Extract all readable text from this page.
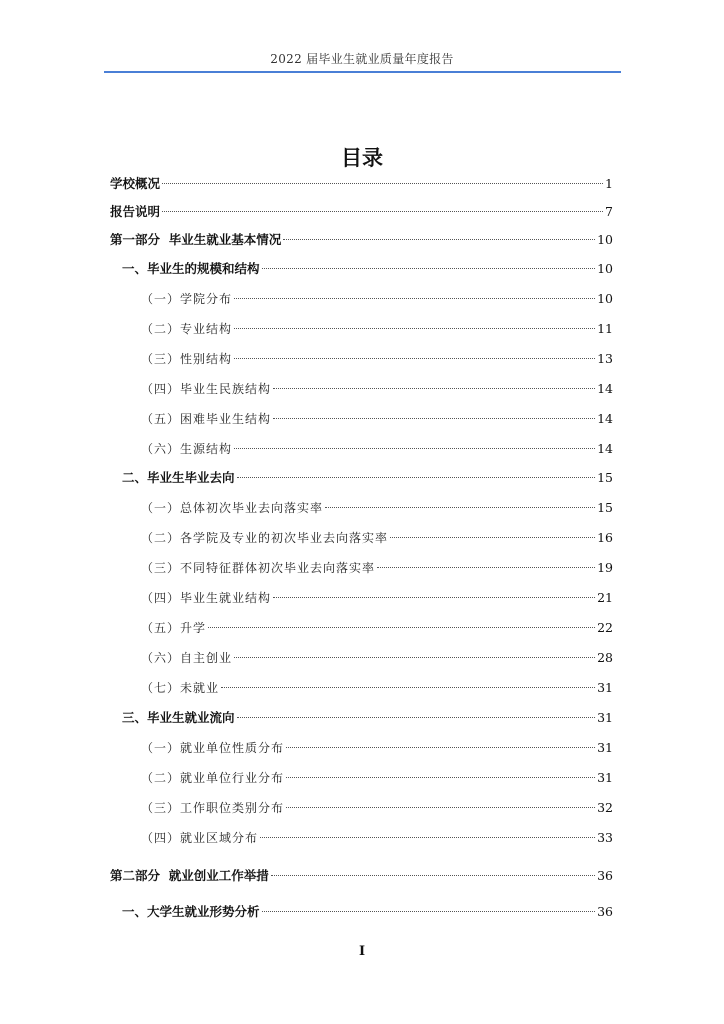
2022 届毕业生就业质量年度报告
目录
学校概况	1
报告说明	7
第一部分  毕业生就业基本情况	10
一、毕业生的规模和结构	10
（一）学院分布	10
（二）专业结构	11
（三）性别结构	13
（四）毕业生民族结构	14
（五）困难毕业生结构	14
（六）生源结构	14
二、毕业生毕业去向	15
（一）总体初次毕业去向落实率	15
（二）各学院及专业的初次毕业去向落实率	16
（三）不同特征群体初次毕业去向落实率	19
（四）毕业生就业结构	21
（五）升学	22
（六）自主创业	28
（七）未就业	31
三、毕业生就业流向	31
（一）就业单位性质分布	31
（二）就业单位行业分布	31
（三）工作职位类别分布	32
（四）就业区域分布	33
第二部分  就业创业工作举措	36
一、大学生就业形势分析	36
I
